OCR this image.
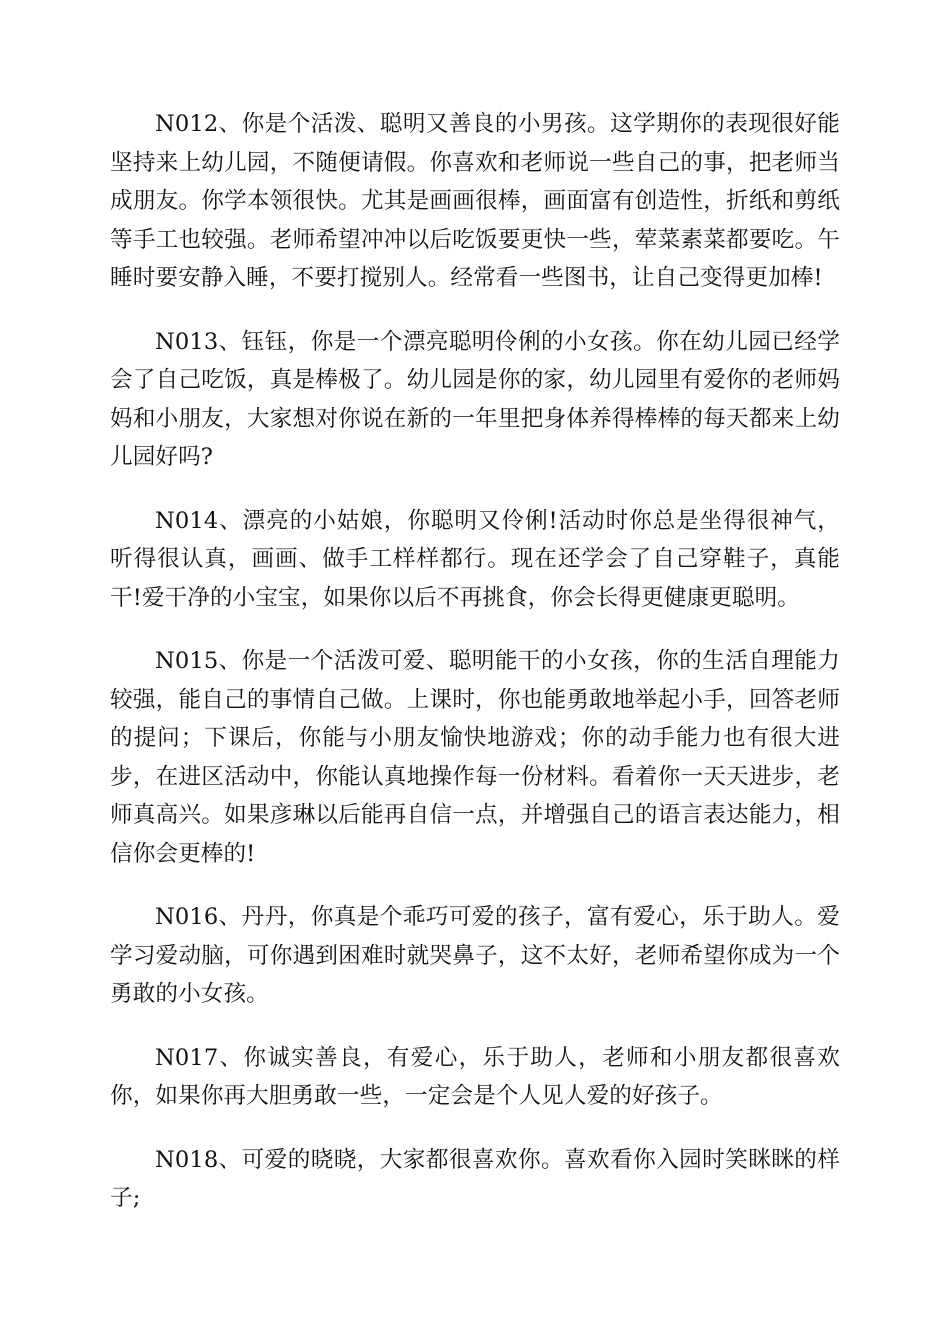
N012、你是个活泼、聪明又善良的小男孩。这学期你的表现很好能坚持来上幼儿园，不随便请假。你喜欢和老师说一些自己的事，把老师当成朋友。你学本领很快。尤其是画画很棒，画面富有创造性，折纸和剪纸等手工也较强。老师希望冲冲以后吃饭要更快一些，荤菜素菜都要吃。午睡时要安静入睡，不要打搅别人。经常看一些图书，让自己变得更加棒!

N013、钰钰，你是一个漂亮聪明伶俐的小女孩。你在幼儿园已经学会了自己吃饭，真是棒极了。幼儿园是你的家，幼儿园里有爱你的老师妈妈和小朋友，大家想对你说在新的一年里把身体养得棒棒的每天都来上幼儿园好吗?

N014、漂亮的小姑娘，你聪明又伶俐!活动时你总是坐得很神气，听得很认真，画画、做手工样样都行。现在还学会了自己穿鞋子，真能干!爱干净的小宝宝，如果你以后不再挑食，你会长得更健康更聪明。

N015、你是一个活泼可爱、聪明能干的小女孩，你的生活自理能力较强，能自己的事情自己做。上课时，你也能勇敢地举起小手，回答老师的提问；下课后，你能与小朋友愉快地游戏；你的动手能力也有很大进步，在进区活动中，你能认真地操作每一份材料。看着你一天天进步，老师真高兴。如果彦琳以后能再自信一点，并增强自己的语言表达能力，相信你会更棒的!

N016、丹丹，你真是个乖巧可爱的孩子，富有爱心，乐于助人。爱学习爱动脑，可你遇到困难时就哭鼻子，这不太好，老师希望你成为一个勇敢的小女孩。

N017、你诚实善良，有爱心，乐于助人，老师和小朋友都很喜欢你，如果你再大胆勇敢一些，一定会是个人见人爱的好孩子。

N018、可爱的晓晓，大家都很喜欢你。喜欢看你入园时笑眯眯的样子;
